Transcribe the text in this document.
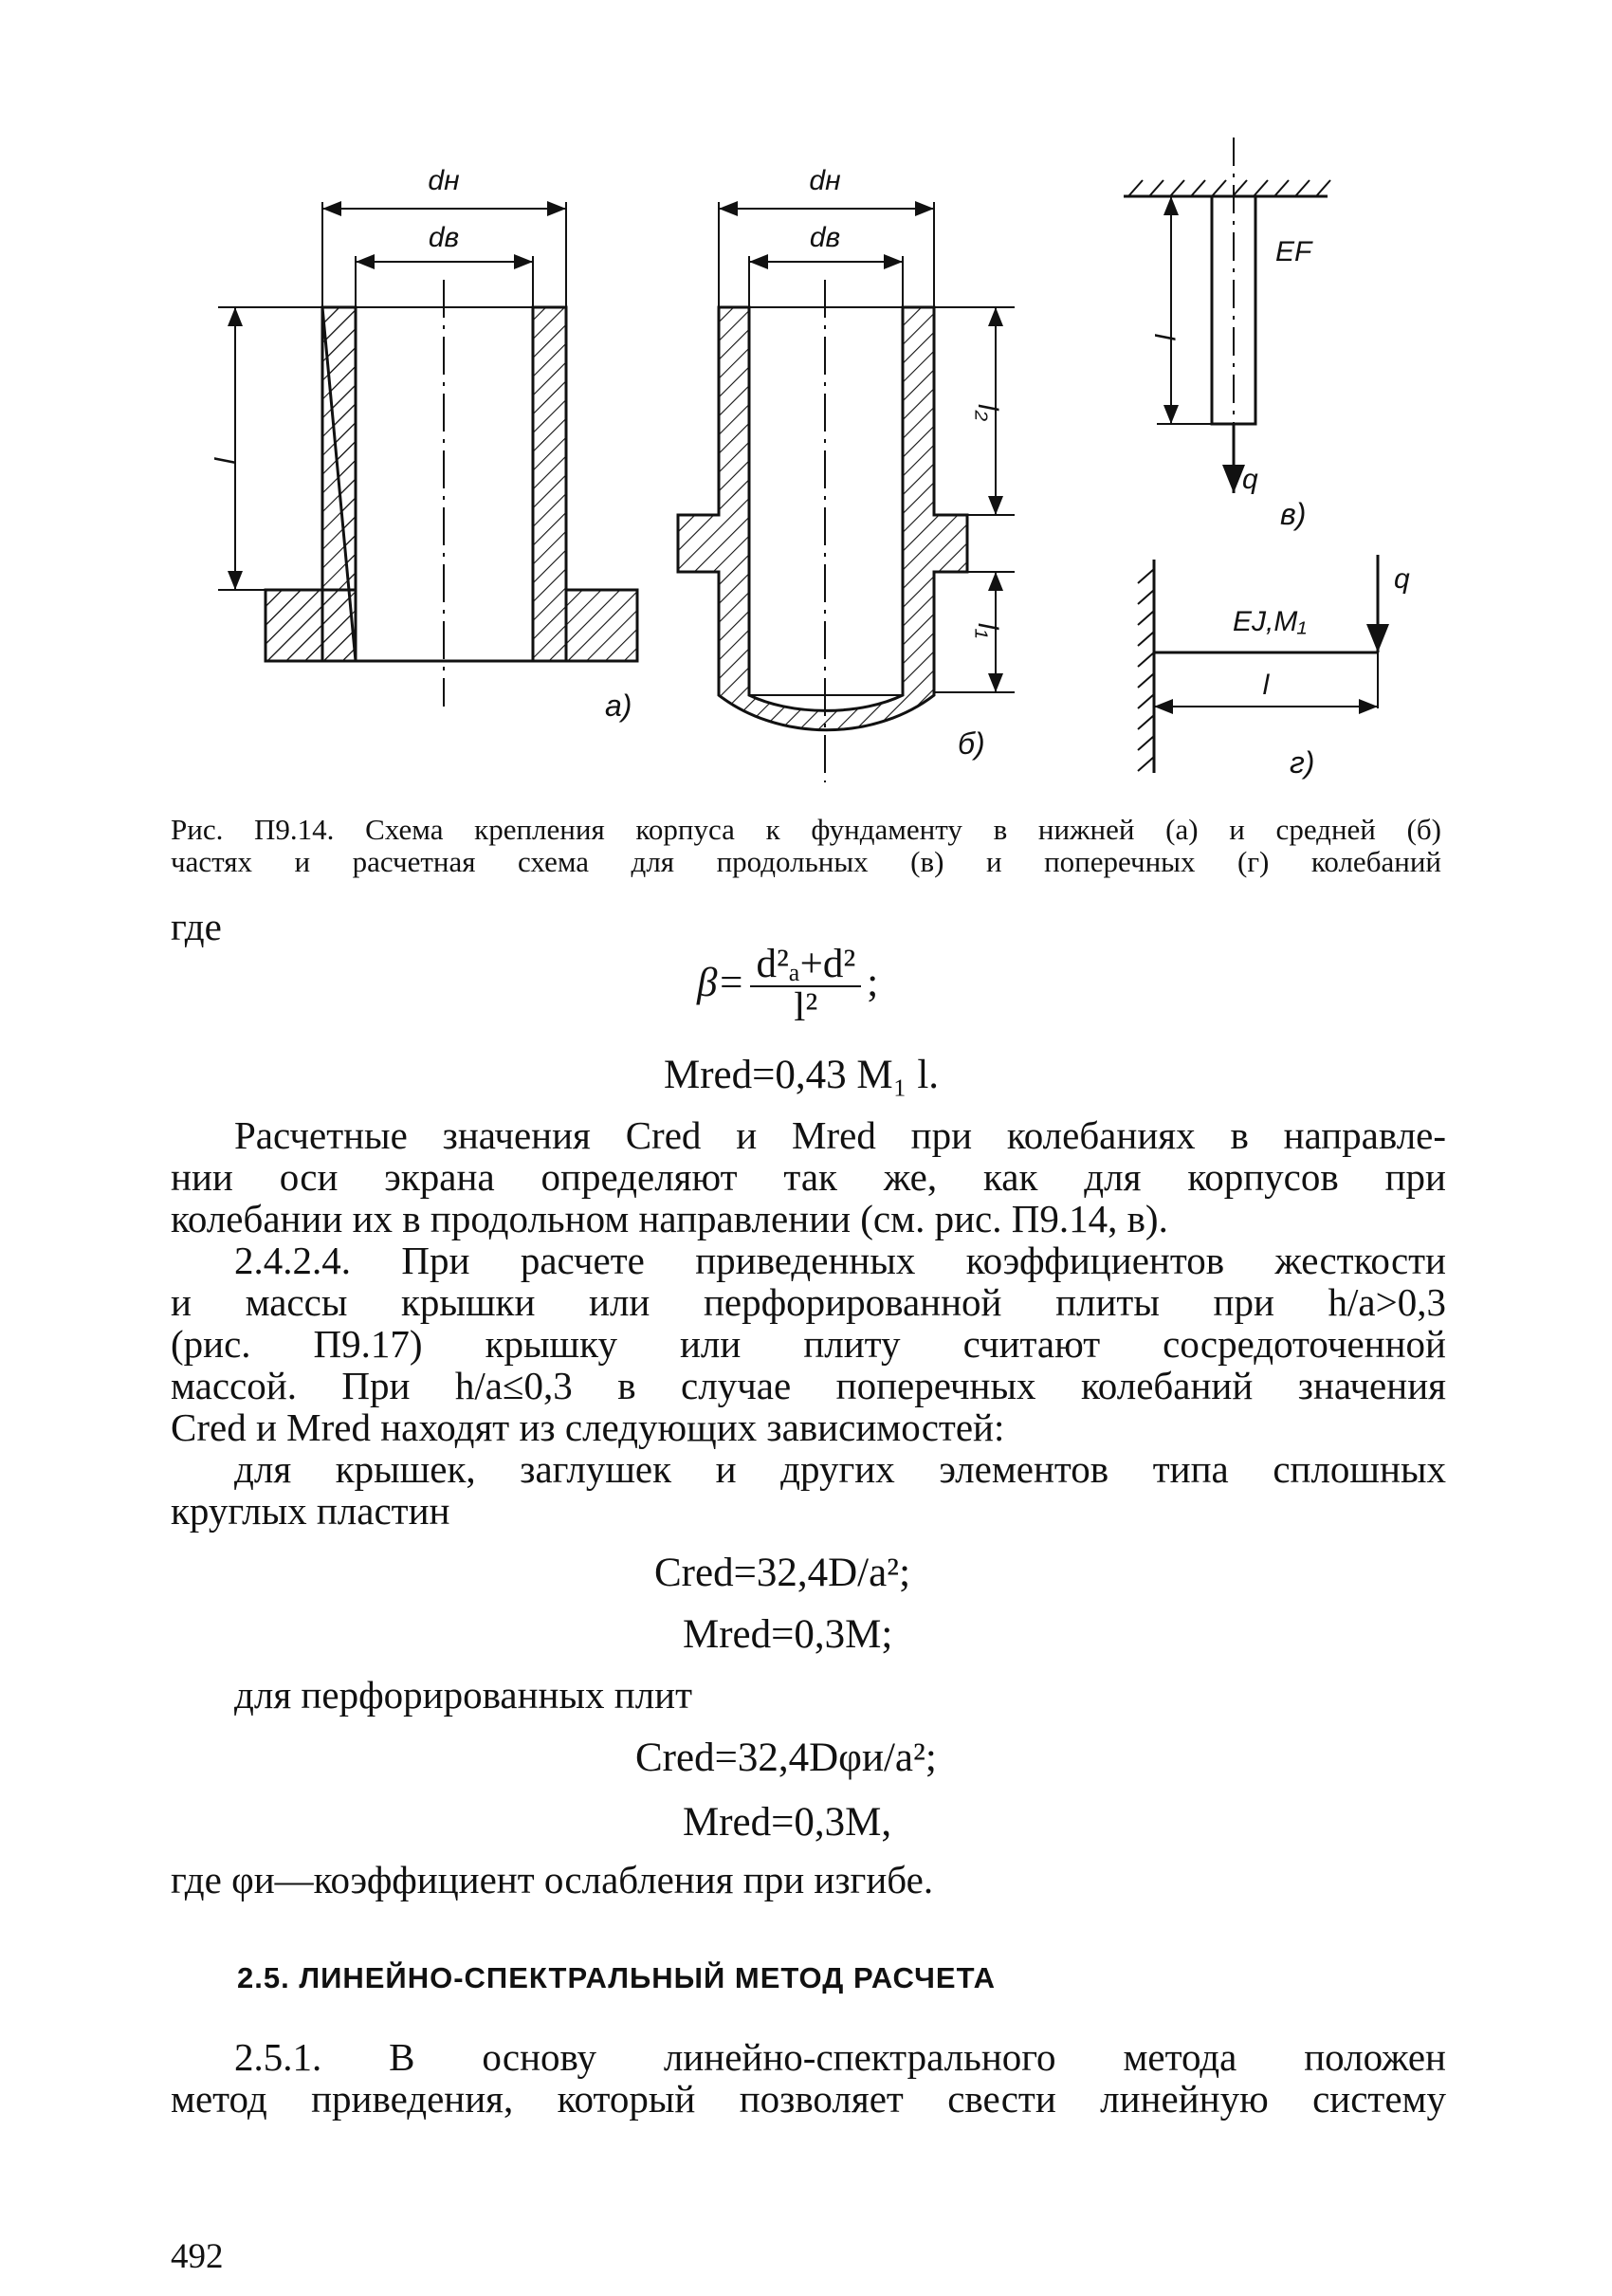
dн
dв
l
а)
dн
dв
l₂
l₁
б)
EF
l
q
в)
EJ,M₁
l
q
г)
Рис. П9.14. Схема крепления корпуса к фундаменту в нижней (а) и средней (б)
частях и расчетная схема для продольных (в) и поперечных (г) колебаний
где
$\beta= \frac{\text{d²ₐ+d²}}{\text{l²}}$ ;
Mred=0,43 M₁ l.
Расчетные значения Cred и Mred при колебаниях в направле-
нии оси экрана определяют так же, как для корпусов при
колебании их в продольном направлении (см. рис. П9.14, в).
2.4.2.4. При расчете приведенных коэффициентов жесткости
и массы крышки или перфорированной плиты при h/a>0,3
(рис. П9.17) крышку или плиту считают сосредоточенной
массой. При h/a≤0,3 в случае поперечных колебаний значения
Cred и Mred находят из следующих зависимостей:
для крышек, заглушек и других элементов типа сплошных
круглых пластин
Cred=32,4D/a²;
Mred=0,3M;
для перфорированных плит
Cred=32,4Dφи/a²;
Mred=0,3M,
где φи—коэффициент ослабления при изгибе.
2.5. ЛИНЕЙНО-СПЕКТРАЛЬНЫЙ МЕТОД РАСЧЕТА
2.5.1. В основу линейно-спектрального метода положен
метод приведения, который позволяет свести линейную систему
492
